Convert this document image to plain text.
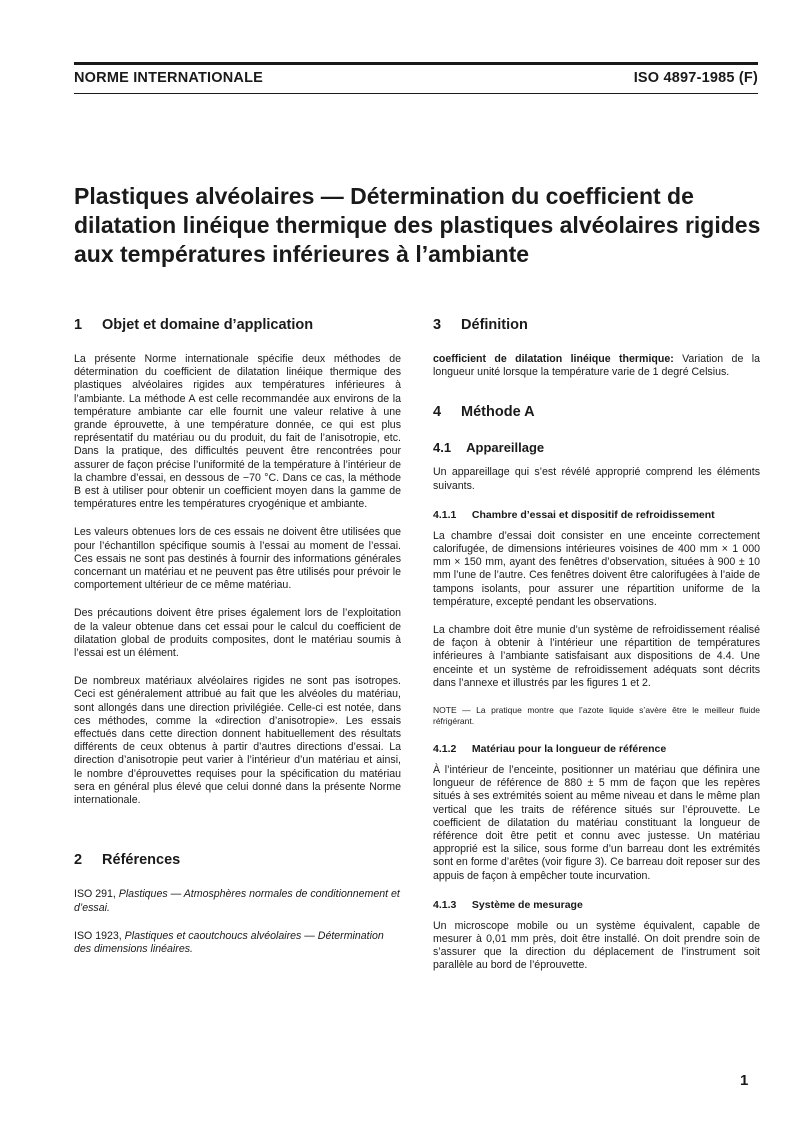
NORME INTERNATIONALE	ISO 4897-1985 (F)
Plastiques alvéolaires — Détermination du coefficient de dilatation linéique thermique des plastiques alvéolaires rigides aux températures inférieures à l’ambiante
1 Objet et domaine d’application

La présente Norme internationale spécifie deux méthodes de détermination du coefficient de dilatation linéique thermique des plastiques alvéolaires rigides aux températures inférieures à l’ambiante. La méthode A est celle recommandée aux environs de la température ambiante car elle fournit une valeur relative à une grande éprouvette, à une température donnée, ce qui est plus représentatif du matériau ou du produit, du fait de l’anisotropie, etc. Dans la pratique, des difficultés peuvent être rencontrées pour assurer de façon précise l’uniformité de la température à l’intérieur de la chambre d’essai, en dessous de −70 °C. Dans ce cas, la méthode B est à utiliser pour obtenir un coefficient moyen dans la gamme de températures entre les températures cryogénique et ambiante.

Les valeurs obtenues lors de ces essais ne doivent être utilisées que pour l’échantillon spécifique soumis à l’essai au moment de l’essai. Ces essais ne sont pas destinés à fournir des informations générales concernant un matériau et ne peuvent pas être utilisés pour prévoir le comportement ultérieur de ce même matériau.

Des précautions doivent être prises également lors de l’exploitation de la valeur obtenue dans cet essai pour le calcul du coefficient de dilatation global de produits composites, dont le matériau soumis à l’essai est un élément.

De nombreux matériaux alvéolaires rigides ne sont pas isotropes. Ceci est généralement attribué au fait que les alvéoles du matériau, sont allongés dans une direction privilégiée. Celle-ci est notée, dans ces méthodes, comme la «direction d’anisotropie». Les essais effectués dans cette direction donnent habituellement des résultats différents de ceux obtenus à partir d’autres directions d’essai. La direction d’anisotropie peut varier à l’intérieur d’un matériau et ainsi, le nombre d’éprouvettes requises pour la spécification du matériau sera en général plus élevé que celui donné dans la présente Norme internationale.

2 Références

ISO 291, Plastiques — Atmosphères normales de conditionnement et d’essai.

ISO 1923, Plastiques et caoutchoucs alvéolaires — Détermination des dimensions linéaires.

3 Définition

coefficient de dilatation linéique thermique: Variation de la longueur unité lorsque la température varie de 1 degré Celsius.

4 Méthode A
4.1 Appareillage

Un appareillage qui s’est révélé approprié comprend les éléments suivants.

4.1.1 Chambre d’essai et dispositif de refroidissement

La chambre d’essai doit consister en une enceinte correctement calorifugée, de dimensions intérieures voisines de 400 mm × 1 000 mm × 150 mm, ayant des fenêtres d’observation, situées à 900 ± 10 mm l’une de l’autre. Ces fenêtres doivent être calorifugées à l’aide de tampons isolants, pour assurer une répartition uniforme de la température, excepté pendant les observations.

La chambre doit être munie d’un système de refroidissement réalisé de façon à obtenir à l’intérieur une répartition de températures inférieures à l’ambiante satisfaisant aux dispositions de 4.4. Une enceinte et un système de refroidissement adéquats sont décrits dans l’annexe et illustrés par les figures 1 et 2.

NOTE — La pratique montre que l’azote liquide s’avère être le meilleur fluide réfrigérant.

4.1.2 Matériau pour la longueur de référence

À l’intérieur de l’enceinte, positionner un matériau que définira une longueur de référence de 880 ± 5 mm de façon que les repères situés à ses extrémités soient au même niveau et dans le même plan vertical que les traits de référence situés sur l’éprouvette. Le coefficient de dilatation du matériau constituant la longueur de référence doit être petit et connu avec justesse. Un matériau approprié est la silice, sous forme d’un barreau dont les extrémités sont en forme d’arêtes (voir figure 3). Ce barreau doit reposer sur des appuis de façon à empêcher toute incurvation.

4.1.3 Système de mesurage

Un microscope mobile ou un système équivalent, capable de mesurer à 0,01 mm près, doit être installé. On doit prendre soin de s’assurer que la direction du déplacement de l’instrument soit parallèle au bord de l’éprouvette.

1
